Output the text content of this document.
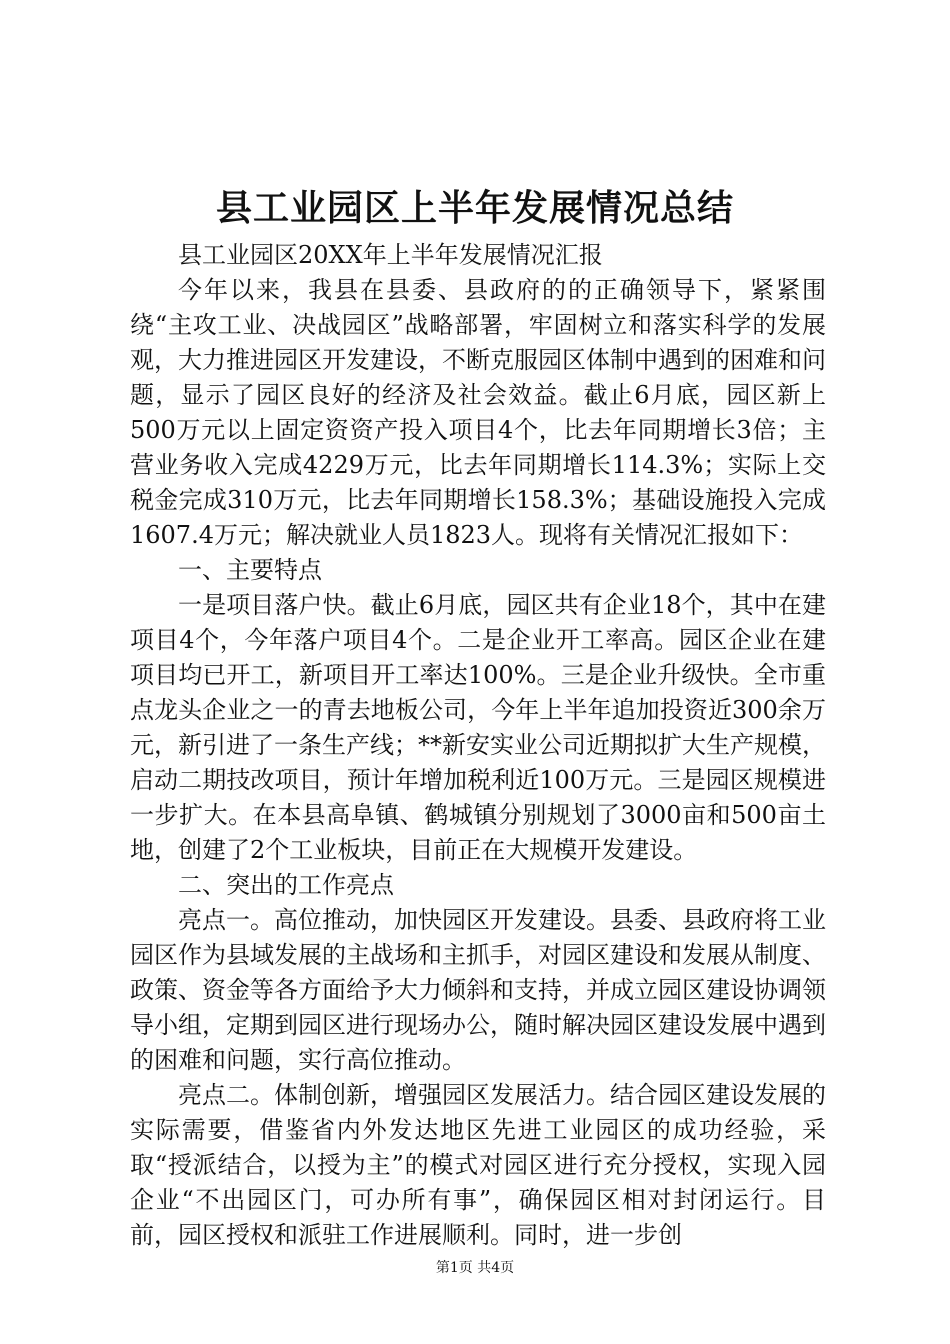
县工业园区上半年发展情况总结

县工业园区20XX年上半年发展情况汇报

今年以来，我县在县委、县政府的的正确领导下，紧紧围绕“主攻工业、决战园区”战略部署，牢固树立和落实科学的发展观，大力推进园区开发建设，不断克服园区体制中遇到的困难和问题，显示了园区良好的经济及社会效益。截止6月底，园区新上500万元以上固定资资产投入项目4个，比去年同期增长3倍；主营业务收入完成4229万元，比去年同期增长114.3%；实际上交税金完成310万元，比去年同期增长158.3%；基础设施投入完成1607.4万元；解决就业人员1823人。现将有关情况汇报如下：

一、主要特点

一是项目落户快。截止6月底，园区共有企业18个，其中在建项目4个，今年落户项目4个。二是企业开工率高。园区企业在建项目均已开工，新项目开工率达100%。三是企业升级快。全市重点龙头企业之一的青去地板公司，今年上半年追加投资近300余万元，新引进了一条生产线；**新安实业公司近期拟扩大生产规模，启动二期技改项目，预计年增加税利近100万元。三是园区规模进一步扩大。在本县高阜镇、鹤城镇分别规划了3000亩和500亩土地，创建了2个工业板块，目前正在大规模开发建设。

二、突出的工作亮点

亮点一。高位推动，加快园区开发建设。县委、县政府将工业园区作为县域发展的主战场和主抓手，对园区建设和发展从制度、政策、资金等各方面给予大力倾斜和支持，并成立园区建设协调领导小组，定期到园区进行现场办公，随时解决园区建设发展中遇到的困难和问题，实行高位推动。

亮点二。体制创新，增强园区发展活力。结合园区建设发展的实际需要，借鉴省内外发达地区先进工业园区的成功经验，采取“授派结合，以授为主”的模式对园区进行充分授权，实现入园企业“不出园区门，可办所有事”，确保园区相对封闭运行。目前，园区授权和派驻工作进展顺利。同时，进一步创

第1页 共4页
